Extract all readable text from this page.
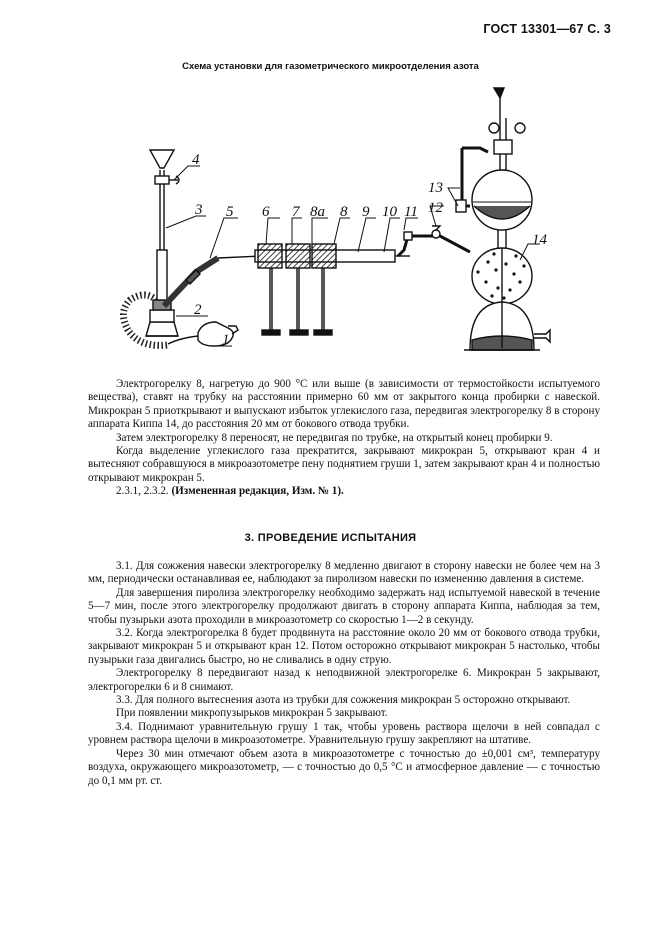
ГОСТ 13301—67 С. 3
Схема установки для газометрического микроотделения азота
1
2
3
4
5 6 7 8а 8 9 10 11 12
13
14

Электрогорелку 8, нагретую до 900 °С или выше (в зависимости от термостойкости испытуемого вещества), ставят на трубку на расстоянии примерно 60 мм от закрытого конца пробирки с навеской. Микрокран 5 приоткрывают и выпускают избыток углекислого газа, передвигая электрогорелку 8 в сторону аппарата Киппа 14, до расстояния 20 мм от бокового отвода трубки.

Затем электрогорелку 8 переносят, не передвигая по трубке, на открытый конец пробирки 9.

Когда выделение углекислого газа прекратится, закрывают микрокран 5, открывают кран 4 и вытесняют собравшуюся в микроазотометре пену поднятием груши 1, затем закрывают кран 4 и полностью открывают микрокран 5.

2.3.1, 2.3.2. (Измененная редакция, Изм. № 1).

3. ПРОВЕДЕНИЕ ИСПЫТАНИЯ

3.1. Для сожжения навески электрогорелку 8 медленно двигают в сторону навески не более чем на 3 мм, периодически останавливая ее, наблюдают за пиролизом навески по изменению давления в системе.

Для завершения пиролиза электрогорелку необходимо задержать над испытуемой навеской в течение 5—7 мин, после этого электрогорелку продолжают двигать в сторону аппарата Киппа, наблюдая за тем, чтобы пузырьки азота проходили в микроазотометр со скоростью 1—2 в секунду.

3.2. Когда электрогорелка 8 будет продвинута на расстояние около 20 мм от бокового отвода трубки, закрывают микрокран 5 и открывают кран 12. Потом осторожно открывают микрокран 5 настолько, чтобы пузырьки газа двигались быстро, но не сливались в одну струю.

Электрогорелку 8 передвигают назад к неподвижной электрогорелке 6. Микрокран 5 закрывают, электрогорелки 6 и 8 снимают.

3.3. Для полного вытеснения азота из трубки для сожжения микрокран 5 осторожно открывают.

При появлении микропузырьков микрокран 5 закрывают.

3.4. Поднимают уравнительную грушу 1 так, чтобы уровень раствора щелочи в ней совпадал с уровнем раствора щелочи в микроазотометре. Уравнительную грушу закрепляют на штативе.

Через 30 мин отмечают объем азота в микроазотометре с точностью до ±0,001 см³, температуру воздуха, окружающего микроазотометр, — с точностью до 0,5 °С и атмосферное давление — с точностью до 0,1 мм рт. ст.
